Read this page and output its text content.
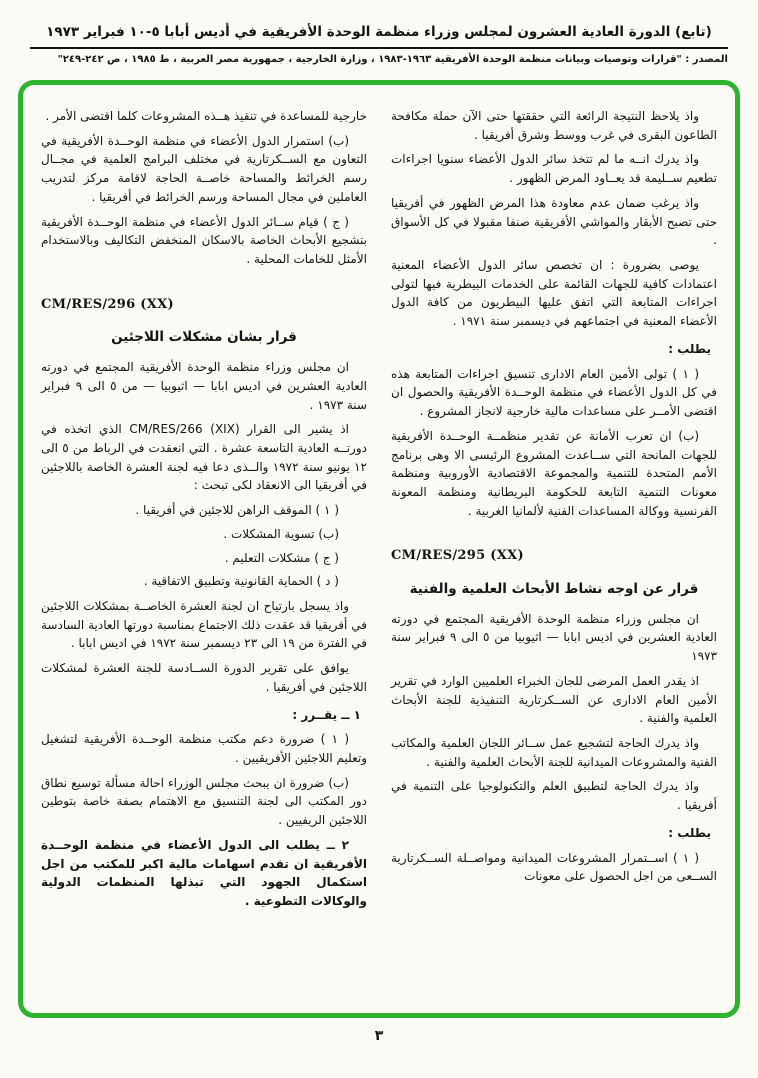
(تابع) الدورة العادية العشرون لمجلس وزراء منظمة الوحدة الأفريقية في أديس أبابا ٥-١٠ فبراير ١٩٧٣
المصدر : "قرارات وتوصيات وبيانات منظمة الوحدة الأفريقية ١٩٦٣-١٩٨٣ ، وزارة الخارجية ، جمهورية مصر العربية ، ط ١٩٨٥ ، ص ٢٤٢-٢٤٩"
واذ يلاحظ النتيجة الرائعة التي حققتها حتى الآن حملة مكافحة الطاعون البقرى في غرب ووسط وشرق أفريقيا .
واذ يدرك انــه ما لم تتخذ سائر الدول الأعضاء سنويا اجراءات تطعيم ســليمة قد يعــاود المرض الظهور .
واذ يرغب ضمان عدم معاودة هذا المرض الظهور في أفريقيا حتى تصبح الأبقار والمواشي الأفريقية صنفا مقبولا في كل الأسواق .
يوصى بضرورة : ان تخصص سائر الدول الأعضاء المعنية اعتمادات كافية للجهات القائمة على الخدمات البيطرية فيها لتولى اجراءات المتابعة التي اتفق عليها البيطريون من كافة الدول الأعضاء المعنية في اجتماعهم في ديسمبر سنة ١٩٧١ .
يطلب :
( ١ ) تولى الأمين العام الادارى تنسيق اجراءات المتابعة هذه في كل الدول الأعضاء في منظمة الوحــدة الأفريقية والحصول ان اقتضى الأمــر على مساعدات مالية خارجية لانجاز المشروع .
(ب) ان تعرب الأمانة عن تقدير منظمــة الوحــدة الأفريقية للجهات المانحة التي ســاعدت المشروع الرئيسى الا وهى برنامج الأمم المتحدة للتنمية والمجموعة الاقتصادية الأوروبية ومنظمة معونات التنمية التابعة للحكومة البريطانية ومنظمة المعونة الفرنسية ووكالة المساعدات الفنية لألمانيا الغربية .
CM/RES/295 (XX)
قرار عن اوجه نشاط الأبحاث العلمية والفنية
ان مجلس وزراء منظمة الوحدة الأفريقية المجتمع في دورته العادية العشرين في اديس ابابا — اثيوبيا من ٥ الى ٩ فبراير سنة ١٩٧٣
اذ يقدر العمل المرضى للجان الخبراء العلميين الوارد في تقرير الأمين العام الادارى عن الســكرتارية التنفيذية للجنة الأبحاث العلمية والفنية .
واذ يدرك الحاجة لتشجيع عمل ســائر اللجان العلمية والمكاتب الفنية والمشروعات الميدانية للجنة الأبحاث العلمية والفنية .
واذ يدرك الحاجة لتطبيق العلم والتكنولوجيا على التنمية في أفريقيا .
يطلب :
( ١ ) اســتمرار المشروعات الميدانية ومواصــلة الســكرتارية الســعى من اجل الحصول على معونات
خارجية للمساعدة في تنفيذ هــذه المشروعات كلما اقتضى الأمر .
(ب) استمرار الدول الأعضاء في منظمة الوحــدة الأفريقية في التعاون مع الســكرتارية في مختلف البرامج العلمية في مجــال رسم الخرائط والمساحة خاصــة الحاجة لاقامة مركز لتدريب العاملين في مجال المساحة ورسم الخرائط في أفريقيا .
( ج ) قيام ســائر الدول الأعضاء في منظمة الوحــدة الأفريقية بتشجيع الأبحاث الخاصة بالاسكان المنخفض التكاليف وبالاستخدام الأمثل للخامات المحلية .
CM/RES/296 (XX)
قرار بشان مشكلات اللاجئين
ان مجلس وزراء منظمة الوحدة الأفريقية المجتمع في دورته العادية العشرين في اديس ابابا — اثيوبيا — من ٥ الى ٩ فبراير سنة ١٩٧٣ .
اذ يشير الى القرار CM/RES/266 (XIX) الذي اتخذه في دورتــه العادية التاسعة عشرة . التي انعقدت في الرباط من ٥ الى ١٢ يونيو سنة ١٩٧٢ والــذى دعا فيه لجنة العشرة الخاصة باللاجئين في أفريقيا الى الانعقاد لكى تبحث :
( ١ ) الموقف الراهن للاجئين في أفريقيا .
(ب) تسوية المشكلات .
( ج ) مشكلات التعليم .
( د ) الحماية القانونية وتطبيق الاتفاقية .
واذ يسجل بارتياح ان لجنة العشرة الخاصــة بمشكلات اللاجئين في أفريقيا قد عقدت ذلك الاجتماع بمناسبة دورتها العادية السادسة في الفترة من ١٩ الى ٢٣ ديسمبر سنة ١٩٧٢ في اديس ابابا .
يوافق على تقرير الدورة الســادسة للجنة العشرة لمشكلات اللاجئين في أفريقيا .
١ ــ يقــرر :
( ١ ) ضرورة دعم مكتب منظمة الوحــدة الأفريقية لتشغيل وتعليم اللاجئين الأفريقيين .
(ب) ضرورة ان يبحث مجلس الوزراء احالة مسألة توسيع نطاق دور المكتب الى لجنة التنسيق مع الاهتمام بصفة خاصة بتوطين اللاجئين الريفيين .
٢ ــ يطلب الى الدول الأعضاء في منظمة الوحــدة الأفريقية ان تقدم اسهامات مالية اكبر للمكتب من اجل استكمال الجهود التي تبذلها المنظمات الدولية والوكالات التطوعية .
٣
